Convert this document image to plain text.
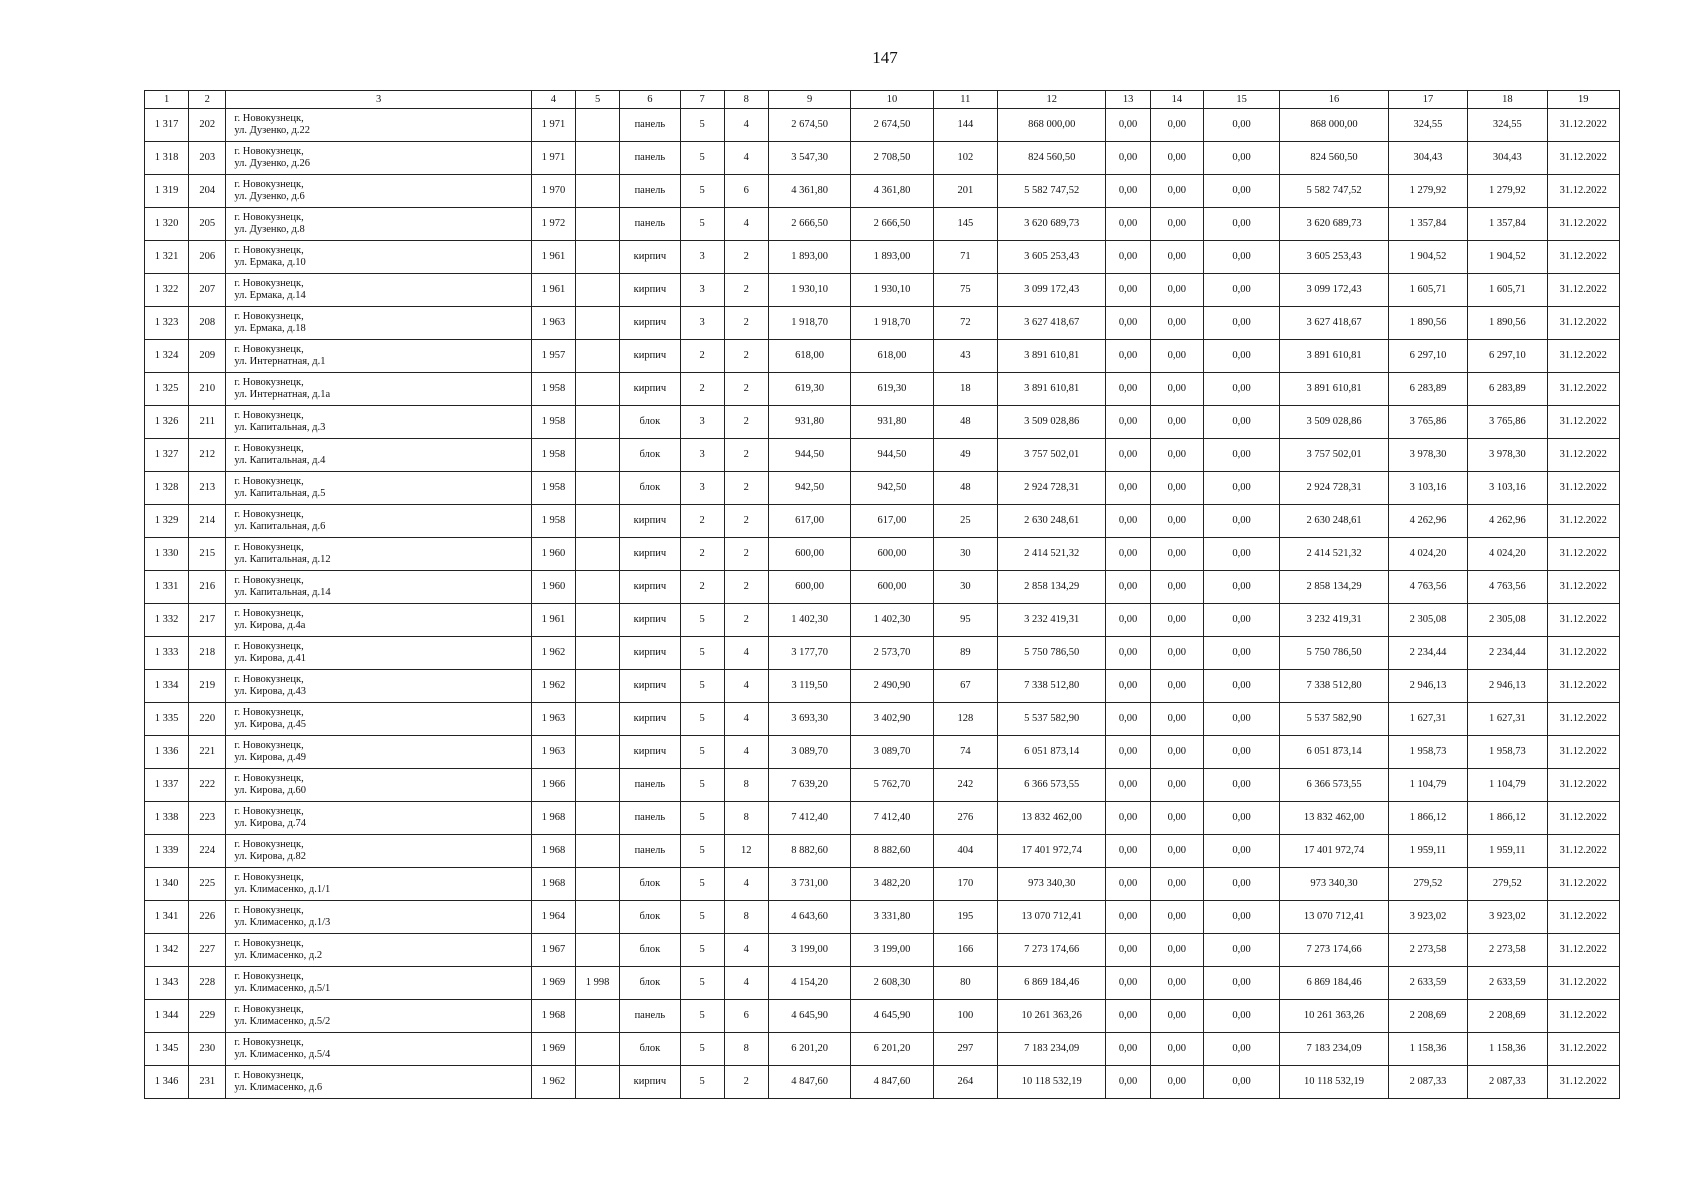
147
1	2	3	4	5	6	7	8	9	10	11	12	13	14	15	16	17	18	19
1 317	202	г. Новокузнецк,
ул. Дузенко, д.22	1 971		панель	5	4	2 674,50	2 674,50	144	868 000,00	0,00	0,00	0,00	868 000,00	324,55	324,55	31.12.2022
1 318	203	г. Новокузнецк,
ул. Дузенко, д.26	1 971		панель	5	4	3 547,30	2 708,50	102	824 560,50	0,00	0,00	0,00	824 560,50	304,43	304,43	31.12.2022
1 319	204	г. Новокузнецк,
ул. Дузенко, д.6	1 970		панель	5	6	4 361,80	4 361,80	201	5 582 747,52	0,00	0,00	0,00	5 582 747,52	1 279,92	1 279,92	31.12.2022
1 320	205	г. Новокузнецк,
ул. Дузенко, д.8	1 972		панель	5	4	2 666,50	2 666,50	145	3 620 689,73	0,00	0,00	0,00	3 620 689,73	1 357,84	1 357,84	31.12.2022
1 321	206	г. Новокузнецк,
ул. Ермака, д.10	1 961		кирпич	3	2	1 893,00	1 893,00	71	3 605 253,43	0,00	0,00	0,00	3 605 253,43	1 904,52	1 904,52	31.12.2022
1 322	207	г. Новокузнецк,
ул. Ермака, д.14	1 961		кирпич	3	2	1 930,10	1 930,10	75	3 099 172,43	0,00	0,00	0,00	3 099 172,43	1 605,71	1 605,71	31.12.2022
1 323	208	г. Новокузнецк,
ул. Ермака, д.18	1 963		кирпич	3	2	1 918,70	1 918,70	72	3 627 418,67	0,00	0,00	0,00	3 627 418,67	1 890,56	1 890,56	31.12.2022
1 324	209	г. Новокузнецк,
ул. Интернатная, д.1	1 957		кирпич	2	2	618,00	618,00	43	3 891 610,81	0,00	0,00	0,00	3 891 610,81	6 297,10	6 297,10	31.12.2022
1 325	210	г. Новокузнецк,
ул. Интернатная, д.1а	1 958		кирпич	2	2	619,30	619,30	18	3 891 610,81	0,00	0,00	0,00	3 891 610,81	6 283,89	6 283,89	31.12.2022
1 326	211	г. Новокузнецк,
ул. Капитальная, д.3	1 958		блок	3	2	931,80	931,80	48	3 509 028,86	0,00	0,00	0,00	3 509 028,86	3 765,86	3 765,86	31.12.2022
1 327	212	г. Новокузнецк,
ул. Капитальная, д.4	1 958		блок	3	2	944,50	944,50	49	3 757 502,01	0,00	0,00	0,00	3 757 502,01	3 978,30	3 978,30	31.12.2022
1 328	213	г. Новокузнецк,
ул. Капитальная, д.5	1 958		блок	3	2	942,50	942,50	48	2 924 728,31	0,00	0,00	0,00	2 924 728,31	3 103,16	3 103,16	31.12.2022
1 329	214	г. Новокузнецк,
ул. Капитальная, д.6	1 958		кирпич	2	2	617,00	617,00	25	2 630 248,61	0,00	0,00	0,00	2 630 248,61	4 262,96	4 262,96	31.12.2022
1 330	215	г. Новокузнецк,
ул. Капитальная, д.12	1 960		кирпич	2	2	600,00	600,00	30	2 414 521,32	0,00	0,00	0,00	2 414 521,32	4 024,20	4 024,20	31.12.2022
1 331	216	г. Новокузнецк,
ул. Капитальная, д.14	1 960		кирпич	2	2	600,00	600,00	30	2 858 134,29	0,00	0,00	0,00	2 858 134,29	4 763,56	4 763,56	31.12.2022
1 332	217	г. Новокузнецк,
ул. Кирова, д.4а	1 961		кирпич	5	2	1 402,30	1 402,30	95	3 232 419,31	0,00	0,00	0,00	3 232 419,31	2 305,08	2 305,08	31.12.2022
1 333	218	г. Новокузнецк,
ул. Кирова, д.41	1 962		кирпич	5	4	3 177,70	2 573,70	89	5 750 786,50	0,00	0,00	0,00	5 750 786,50	2 234,44	2 234,44	31.12.2022
1 334	219	г. Новокузнецк,
ул. Кирова, д.43	1 962		кирпич	5	4	3 119,50	2 490,90	67	7 338 512,80	0,00	0,00	0,00	7 338 512,80	2 946,13	2 946,13	31.12.2022
1 335	220	г. Новокузнецк,
ул. Кирова, д.45	1 963		кирпич	5	4	3 693,30	3 402,90	128	5 537 582,90	0,00	0,00	0,00	5 537 582,90	1 627,31	1 627,31	31.12.2022
1 336	221	г. Новокузнецк,
ул. Кирова, д.49	1 963		кирпич	5	4	3 089,70	3 089,70	74	6 051 873,14	0,00	0,00	0,00	6 051 873,14	1 958,73	1 958,73	31.12.2022
1 337	222	г. Новокузнецк,
ул. Кирова, д.60	1 966		панель	5	8	7 639,20	5 762,70	242	6 366 573,55	0,00	0,00	0,00	6 366 573,55	1 104,79	1 104,79	31.12.2022
1 338	223	г. Новокузнецк,
ул. Кирова, д.74	1 968		панель	5	8	7 412,40	7 412,40	276	13 832 462,00	0,00	0,00	0,00	13 832 462,00	1 866,12	1 866,12	31.12.2022
1 339	224	г. Новокузнецк,
ул. Кирова, д.82	1 968		панель	5	12	8 882,60	8 882,60	404	17 401 972,74	0,00	0,00	0,00	17 401 972,74	1 959,11	1 959,11	31.12.2022
1 340	225	г. Новокузнецк,
ул. Климасенко, д.1/1	1 968		блок	5	4	3 731,00	3 482,20	170	973 340,30	0,00	0,00	0,00	973 340,30	279,52	279,52	31.12.2022
1 341	226	г. Новокузнецк,
ул. Климасенко, д.1/3	1 964		блок	5	8	4 643,60	3 331,80	195	13 070 712,41	0,00	0,00	0,00	13 070 712,41	3 923,02	3 923,02	31.12.2022
1 342	227	г. Новокузнецк,
ул. Климасенко, д.2	1 967		блок	5	4	3 199,00	3 199,00	166	7 273 174,66	0,00	0,00	0,00	7 273 174,66	2 273,58	2 273,58	31.12.2022
1 343	228	г. Новокузнецк,
ул. Климасенко, д.5/1	1 969	1 998	блок	5	4	4 154,20	2 608,30	80	6 869 184,46	0,00	0,00	0,00	6 869 184,46	2 633,59	2 633,59	31.12.2022
1 344	229	г. Новокузнецк,
ул. Климасенко, д.5/2	1 968		панель	5	6	4 645,90	4 645,90	100	10 261 363,26	0,00	0,00	0,00	10 261 363,26	2 208,69	2 208,69	31.12.2022
1 345	230	г. Новокузнецк,
ул. Климасенко, д.5/4	1 969		блок	5	8	6 201,20	6 201,20	297	7 183 234,09	0,00	0,00	0,00	7 183 234,09	1 158,36	1 158,36	31.12.2022
1 346	231	г. Новокузнецк,
ул. Климасенко, д.6	1 962		кирпич	5	2	4 847,60	4 847,60	264	10 118 532,19	0,00	0,00	0,00	10 118 532,19	2 087,33	2 087,33	31.12.2022
